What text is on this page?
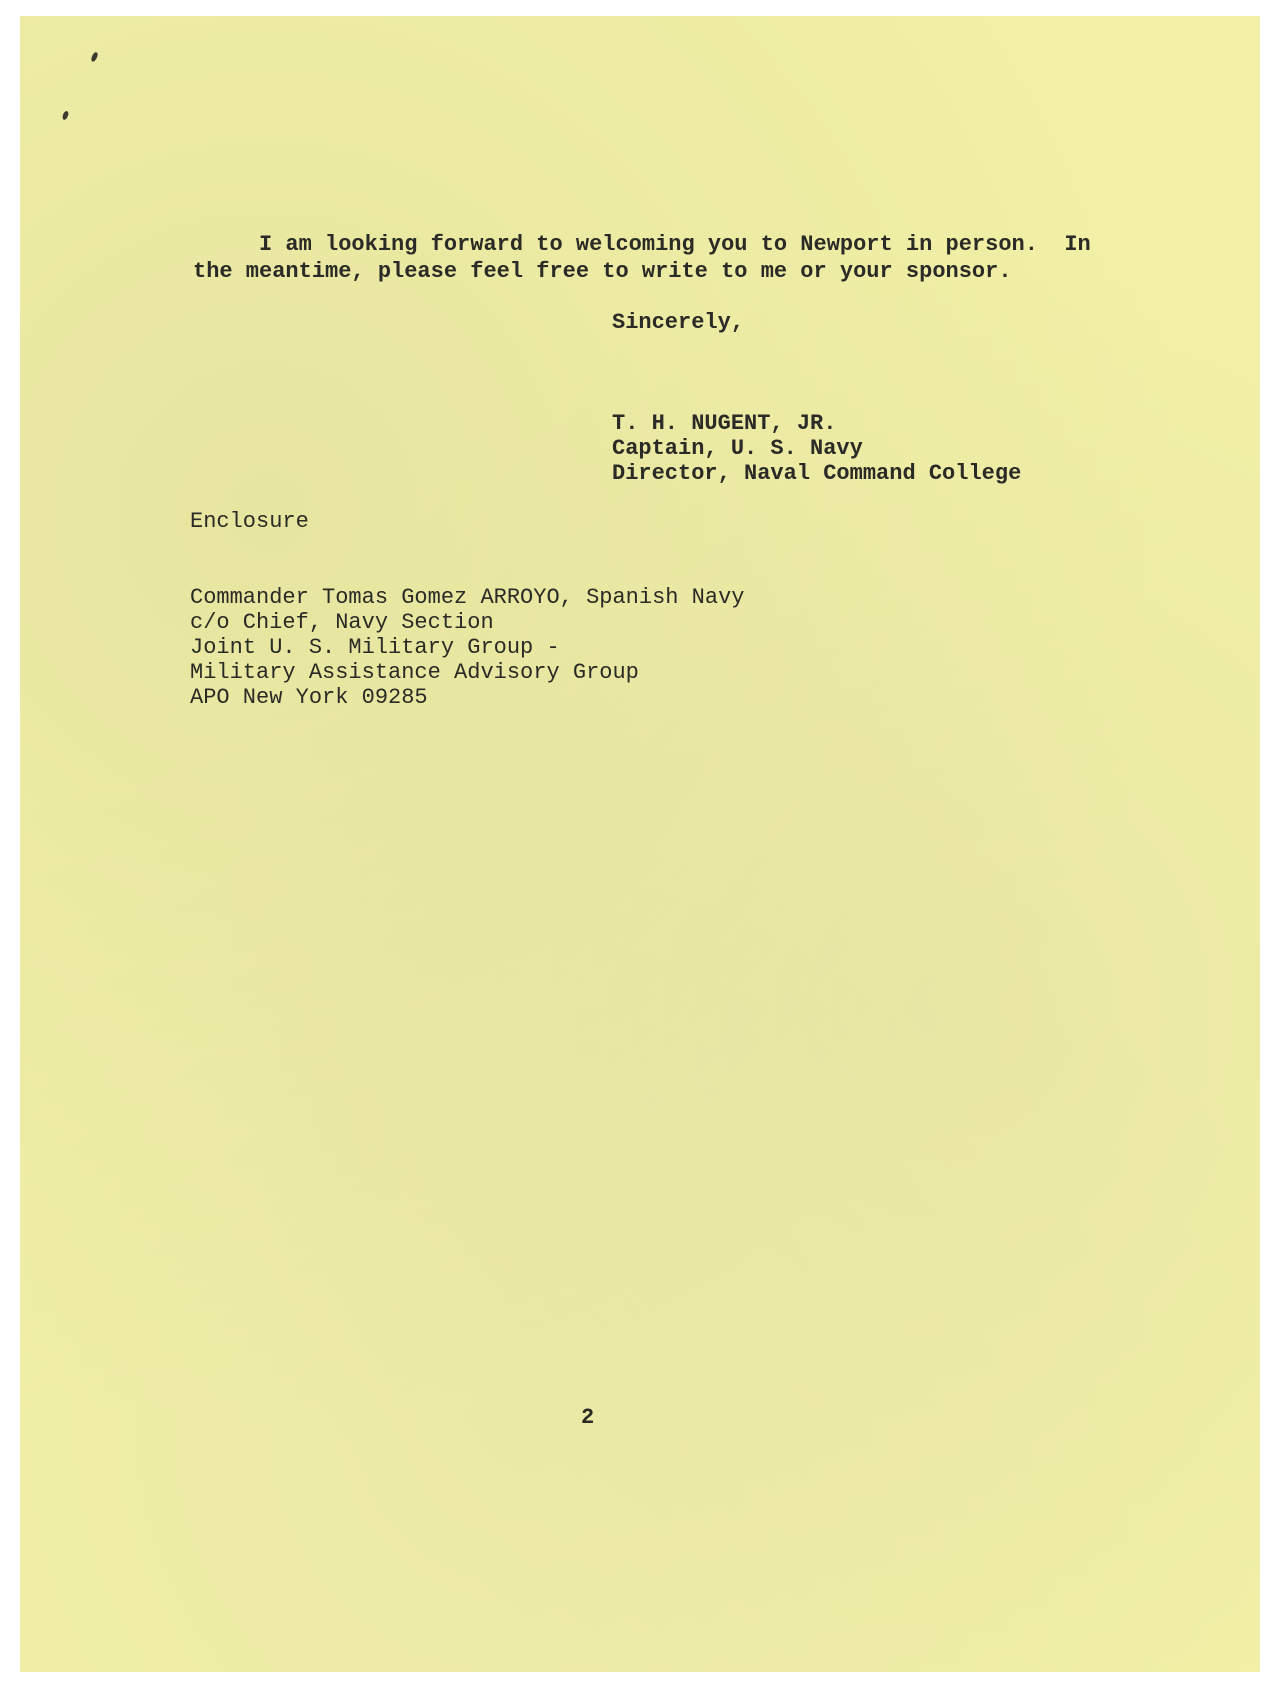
I am looking forward to welcoming you to Newport in person.  In

the meantime, please feel free to write to me or your sponsor.

Sincerely,

T. H. NUGENT, JR.

Captain, U. S. Navy

Director, Naval Command College

Enclosure

Commander Tomas Gomez ARROYO, Spanish Navy

c/o Chief, Navy Section

Joint U. S. Military Group -

Military Assistance Advisory Group

APO New York 09285

2
